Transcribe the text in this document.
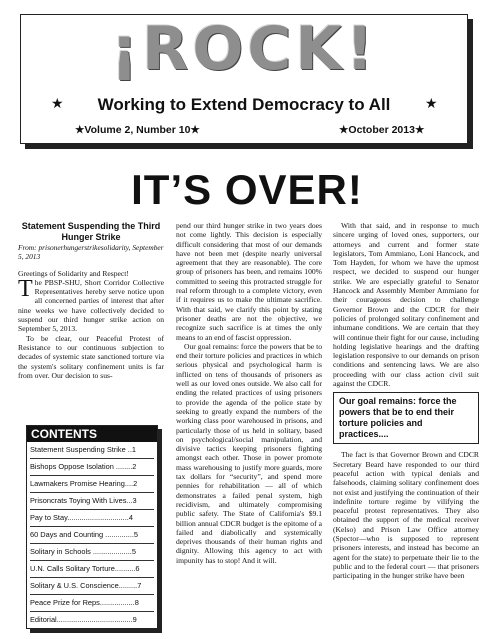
¡ROCK!
★	Working to Extend Democracy to All	★
★Volume 2, Number 10★	★October 2013★
IT’S OVER!
Statement Suspending the Third Hunger Strike
From: prisonerhungerstrikesolidarity, September 5, 2013

Greetings of Solidarity and Respect!

The PBSP-SHU, Short Corridor Collective Representatives hereby serve notice upon all concerned parties of interest that after nine weeks we have collectively decided to suspend our third hunger strike action on September 5, 2013.

To be clear, our Peaceful Protest of Resistance to our continuous subjection to decades of systemic state sanctioned torture via the system's solitary confinement units is far from over. Our decision to sus-

CONTENTS
Statement Suspending Strike ..1
Bishops Oppose Isolation ........2
Lawmakers Promise Hearing....2
Prisoncrats Toying With Lives...3
Pay to Stay..............................4
60 Days and Counting ..............5
Solitary in Schools ...................5
U.N. Calls Solitary Torture..........6
Solitary & U.S. Conscience.........7
Peace Prize for Reps.................8
Editorial.....................................9

pend our third hunger strike in two years does not come lightly. This decision is especially difficult considering that most of our demands have not been met (despite nearly universal agreement that they are reasonable). The core group of prisoners has been, and remains 100% committed to seeing this protracted struggle for real reform through to a complete victory, even if it requires us to make the ultimate sacrifice. With that said, we clarify this point by stating prisoner deaths are not the objective, we recognize such sacrifice is at times the only means to an end of fascist oppression.

Our goal remains: force the powers that be to end their torture policies and practices in which serious physical and psychological harm is inflicted on tens of thousands of prisoners as well as our loved ones outside. We also call for ending the related practices of using prisoners to provide the agenda of the police state by seeking to greatly expand the numbers of the working class poor warehoused in prisons, and particularly those of us held in solitary, based on psychological/social manipulation, and divisive tactics keeping prisoners fighting amongst each other. Those in power promote mass warehousing to justify more guards, more tax dollars for “security”, and spend more pennies for rehabilitation — all of which demonstrates a failed penal system, high recidivism, and ultimately compromising public safety. The State of California's $9.1 billion annual CDCR budget is the epitome of a failed and diabolically and systemically deprives thousands of their human rights and dignity. Allowing this agency to act with impunity has to stop! And it will.

With that said, and in response to much sincere urging of loved ones, supporters, our attorneys and current and former state legislators, Tom Ammiano, Loni Hancock, and Tom Hayden, for whom we have the upmost respect, we decided to suspend our hunger strike. We are especially grateful to Senator Hancock and Assembly Member Ammiano for their courageous decision to challenge Governor Brown and the CDCR for their policies of prolonged solitary confinement and inhumane conditions. We are certain that they will continue their fight for our cause, including holding legislative hearings and the drafting legislation responsive to our demands on prison conditions and sentencing laws. We are also proceeding with our class action civil suit against the CDCR.

Our goal remains: force the powers that be to end their torture policies and practices....

The fact is that Governor Brown and CDCR Secretary Beard have responded to our third peaceful action with typical denials and falsehoods, claiming solitary confinement does not exist and justifying the continuation of their indefinite torture regime by vilifying the peaceful protest representatives. They also obtained the support of the medical receiver (Kelso) and Prison Law Office attorney (Spector—who is supposed to represent prisoners interests, and instead has become an agent for the state) to perpetuate their lie to the public and to the federal court — that prisoners participating in the hunger strike have been
